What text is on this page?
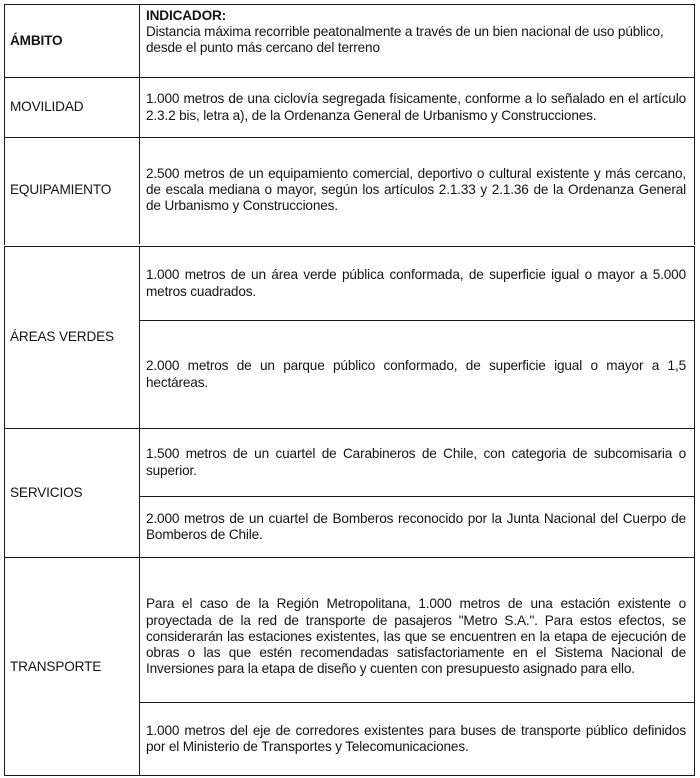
ÁMBITO
INDICADOR:
Distancia máxima recorrible peatonalmente a través de un bien nacional de uso público, desde el punto más cercano del terreno
MOVILIDAD
1.000 metros de una ciclovía segregada físicamente, conforme a lo señalado en el artículo 2.3.2 bis, letra a), de la Ordenanza General de Urbanismo y Construcciones.
EQUIPAMIENTO
2.500 metros de un equipamiento comercial, deportivo o cultural existente y más cercano, de escala mediana o mayor, según los artículos 2.1.33 y 2.1.36 de la Ordenanza General de Urbanismo y Construcciones.
ÁREAS VERDES
1.000 metros de un área verde pública conformada, de superficie igual o mayor a 5.000 metros cuadrados.
2.000 metros de un parque público conformado, de superficie igual o mayor a 1,5 hectáreas.
SERVICIOS
1.500 metros de un cuartel de Carabineros de Chile, con categoria de subcomisaria o superior.
2.000 metros de un cuartel de Bomberos reconocido por la Junta Nacional del Cuerpo de Bomberos de Chile.
TRANSPORTE
Para el caso de la Región Metropolitana, 1.000 metros de una estación existente o proyectada de la red de transporte de pasajeros "Metro S.A.". Para estos efectos, se considerarán las estaciones existentes, las que se encuentren en la etapa de ejecución de obras o las que estén recomendadas satisfactoriamente en el Sistema Nacional de Inversiones para la etapa de diseño y cuenten con presupuesto asignado para ello.
1.000 metros del eje de corredores existentes para buses de transporte público definidos por el Ministerio de Transportes y Telecomunicaciones.
